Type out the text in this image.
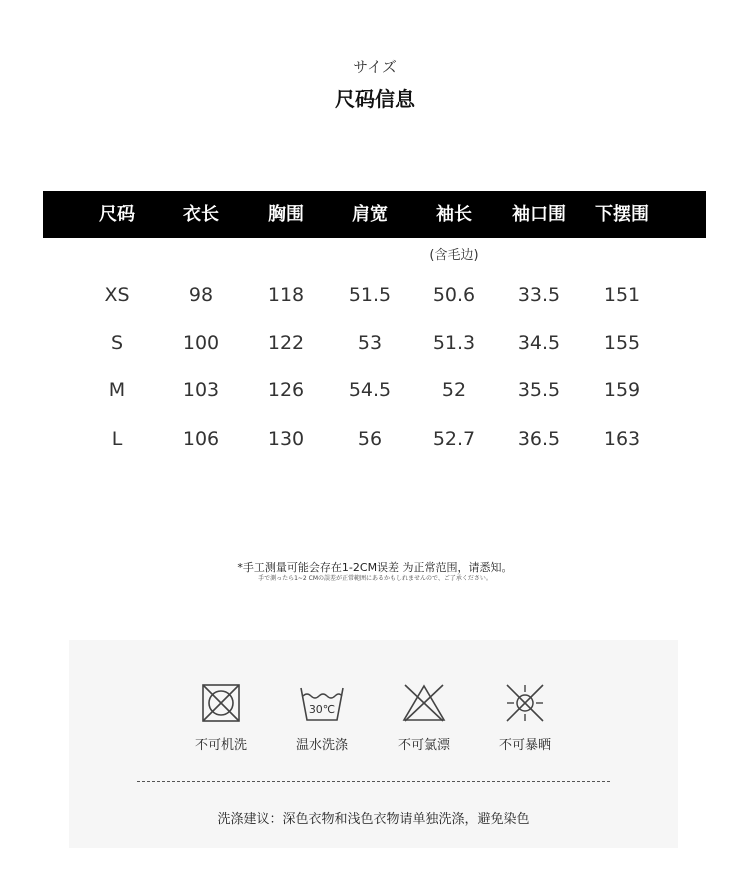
サイズ
尺码信息
尺码	衣长	胸围	肩宽	袖长	袖口围	下摆围
(含毛边)
XS	98	118	51.5	50.6	33.5	151
S	100	122	53	51.3	34.5	155
M	103	126	54.5	52	35.5	159
L	106	130	56	52.7	36.5	163
*手工测量可能会存在1-2CM误差 为正常范围，请悉知。
手で測ったら1~2 CMの誤差が正常範囲にあるかもしれませんので、ご了承ください。
不可机洗
30℃
温水洗涤	不可氯漂	不可暴晒
洗涤建议：深色衣物和浅色衣物请单独洗涤，避免染色
